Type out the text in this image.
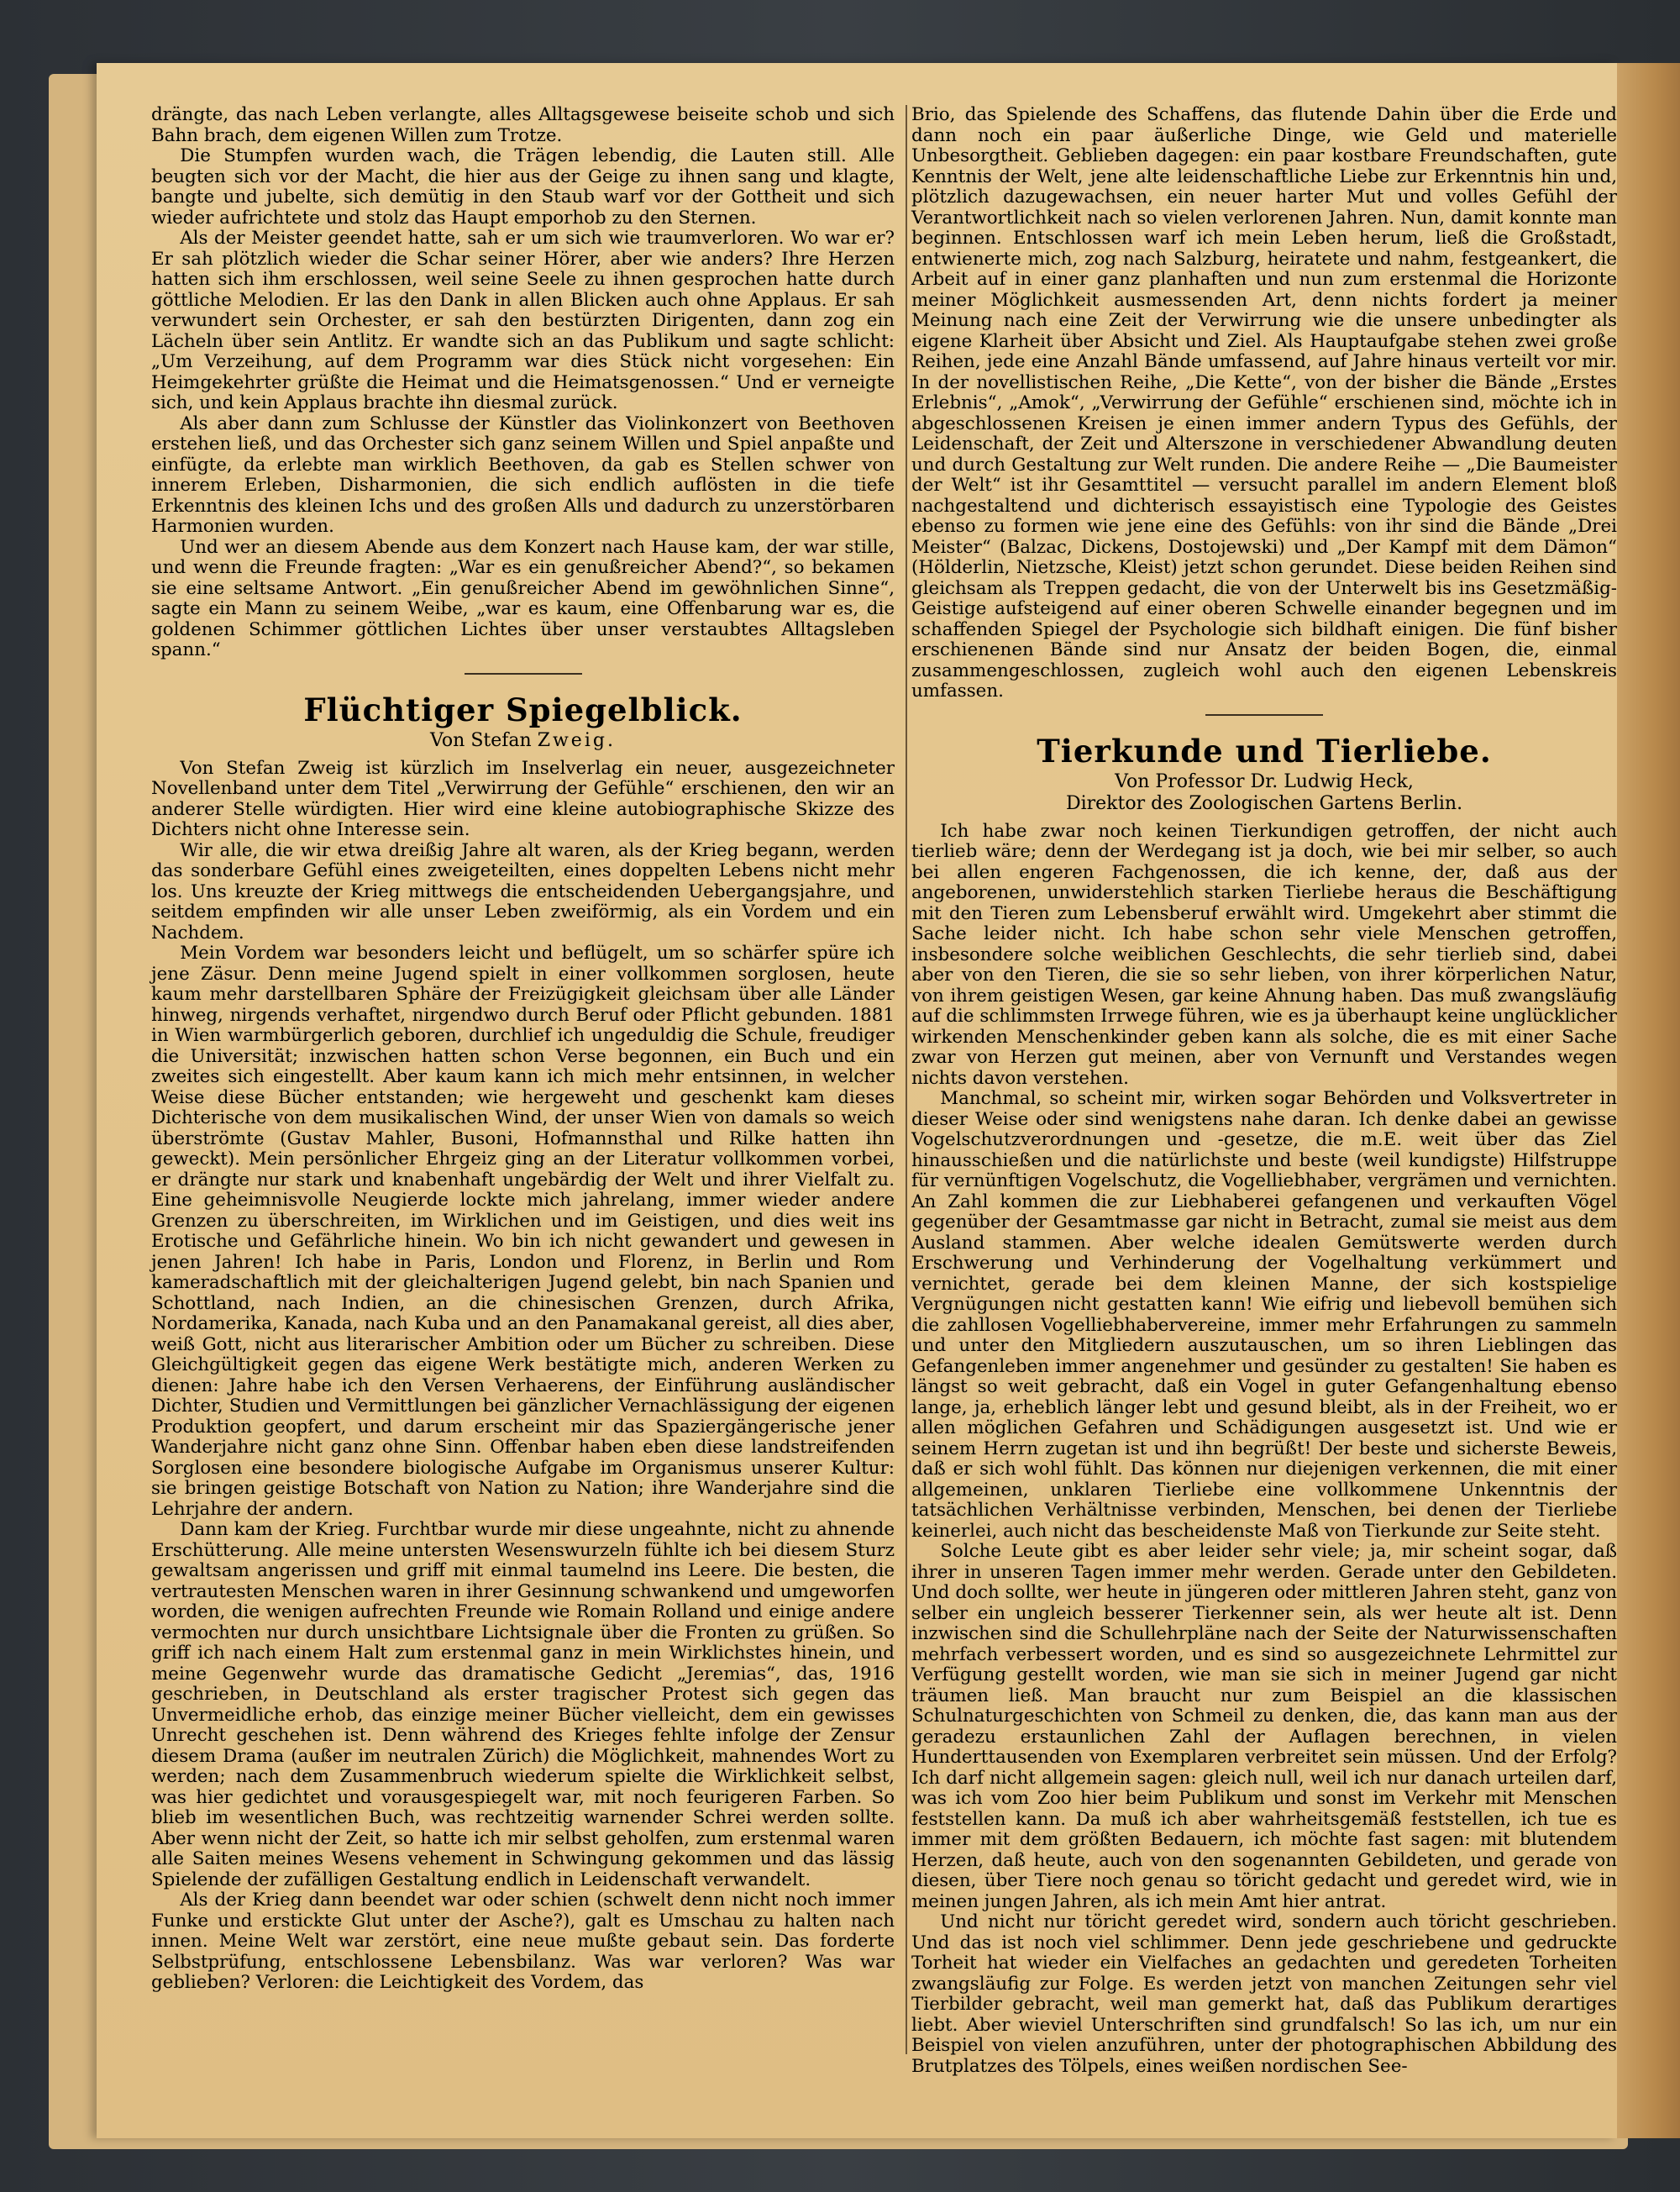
drängte, das nach Leben verlangte, alles Alltagsgewese beiseite schob und sich Bahn brach, dem eigenen Willen zum Trotze.

Die Stumpfen wurden wach, die Trägen lebendig, die Lauten still. Alle beugten sich vor der Macht, die hier aus der Geige zu ihnen sang und klagte, bangte und jubelte, sich demütig in den Staub warf vor der Gottheit und sich wieder aufrichtete und stolz das Haupt emporhob zu den Sternen.

Als der Meister geendet hatte, sah er um sich wie traumverloren. Wo war er? Er sah plötzlich wieder die Schar seiner Hörer, aber wie anders? Ihre Herzen hatten sich ihm erschlossen, weil seine Seele zu ihnen gesprochen hatte durch göttliche Melodien. Er las den Dank in allen Blicken auch ohne Applaus. Er sah verwundert sein Orchester, er sah den bestürzten Dirigenten, dann zog ein Lächeln über sein Antlitz. Er wandte sich an das Publikum und sagte schlicht: „Um Verzeihung, auf dem Programm war dies Stück nicht vorgesehen: Ein Heimgekehrter grüßte die Heimat und die Heimatsgenossen.“ Und er verneigte sich, und kein Applaus brachte ihn diesmal zurück.

Als aber dann zum Schlusse der Künstler das Violinkonzert von Beethoven erstehen ließ, und das Orchester sich ganz seinem Willen und Spiel anpaßte und einfügte, da erlebte man wirklich Beethoven, da gab es Stellen schwer von innerem Erleben, Disharmonien, die sich endlich auflösten in die tiefe Erkenntnis des kleinen Ichs und des großen Alls und dadurch zu unzerstörbaren Harmonien wurden.

Und wer an diesem Abende aus dem Konzert nach Hause kam, der war stille, und wenn die Freunde fragten: „War es ein genußreicher Abend?“, so bekamen sie eine seltsame Antwort. „Ein genußreicher Abend im gewöhnlichen Sinne“, sagte ein Mann zu seinem Weibe, „war es kaum, eine Offenbarung war es, die goldenen Schimmer göttlichen Lichtes über unser verstaubtes Alltagsleben spann.“

Flüchtiger Spiegelblick.

Von Stefan Zweig.

Von Stefan Zweig ist kürzlich im Inselverlag ein neuer, ausgezeichneter Novellenband unter dem Titel „Verwirrung der Gefühle“ erschienen, den wir an anderer Stelle würdigten. Hier wird eine kleine autobiographische Skizze des Dichters nicht ohne Interesse sein.

Wir alle, die wir etwa dreißig Jahre alt waren, als der Krieg begann, werden das sonderbare Gefühl eines zweigeteilten, eines doppelten Lebens nicht mehr los. Uns kreuzte der Krieg mittwegs die entscheidenden Uebergangsjahre, und seitdem empfinden wir alle unser Leben zweiförmig, als ein Vordem und ein Nachdem.

Mein Vordem war besonders leicht und beflügelt, um so schärfer spüre ich jene Zäsur. Denn meine Jugend spielt in einer vollkommen sorglosen, heute kaum mehr darstellbaren Sphäre der Freizügigkeit gleichsam über alle Länder hinweg, nirgends verhaftet, nirgendwo durch Beruf oder Pflicht gebunden. 1881 in Wien warmbürgerlich geboren, durchlief ich ungeduldig die Schule, freudiger die Universität; inzwischen hatten schon Verse begonnen, ein Buch und ein zweites sich eingestellt. Aber kaum kann ich mich mehr entsinnen, in welcher Weise diese Bücher entstanden; wie hergeweht und geschenkt kam dieses Dichterische von dem musikalischen Wind, der unser Wien von damals so weich überströmte (Gustav Mahler, Busoni, Hofmannsthal und Rilke hatten ihn geweckt). Mein persönlicher Ehrgeiz ging an der Literatur vollkommen vorbei, er drängte nur stark und knabenhaft ungebärdig der Welt und ihrer Vielfalt zu. Eine geheimnisvolle Neugierde lockte mich jahrelang, immer wieder andere Grenzen zu überschreiten, im Wirklichen und im Geistigen, und dies weit ins Erotische und Gefährliche hinein. Wo bin ich nicht gewandert und gewesen in jenen Jahren! Ich habe in Paris, London und Florenz, in Berlin und Rom kameradschaftlich mit der gleichalterigen Jugend gelebt, bin nach Spanien und Schottland, nach Indien, an die chinesischen Grenzen, durch Afrika, Nordamerika, Kanada, nach Kuba und an den Panamakanal gereist, all dies aber, weiß Gott, nicht aus literarischer Ambition oder um Bücher zu schreiben. Diese Gleichgültigkeit gegen das eigene Werk bestätigte mich, anderen Werken zu dienen: Jahre habe ich den Versen Verhaerens, der Einführung ausländischer Dichter, Studien und Vermittlungen bei gänzlicher Vernachlässigung der eigenen Produktion geopfert, und darum erscheint mir das Spaziergängerische jener Wanderjahre nicht ganz ohne Sinn. Offenbar haben eben diese landstreifenden Sorglosen eine besondere biologische Aufgabe im Organismus unserer Kultur: sie bringen geistige Botschaft von Nation zu Nation; ihre Wanderjahre sind die Lehrjahre der andern.

Dann kam der Krieg. Furchtbar wurde mir diese ungeahnte, nicht zu ahnende Erschütterung. Alle meine untersten Wesenswurzeln fühlte ich bei diesem Sturz gewaltsam angerissen und griff mit einmal taumelnd ins Leere. Die besten, die vertrautesten Menschen waren in ihrer Gesinnung schwankend und umgeworfen worden, die wenigen aufrechten Freunde wie Romain Rolland und einige andere vermochten nur durch unsichtbare Lichtsignale über die Fronten zu grüßen. So griff ich nach einem Halt zum erstenmal ganz in mein Wirklichstes hinein, und meine Gegenwehr wurde das dramatische Gedicht „Jeremias“, das, 1916 geschrieben, in Deutschland als erster tragischer Protest sich gegen das Unvermeidliche erhob, das einzige meiner Bücher vielleicht, dem ein gewisses Unrecht geschehen ist. Denn während des Krieges fehlte infolge der Zensur diesem Drama (außer im neutralen Zürich) die Möglichkeit, mahnendes Wort zu werden; nach dem Zusammenbruch wiederum spielte die Wirklichkeit selbst, was hier gedichtet und vorausgespiegelt war, mit noch feurigeren Farben. So blieb im wesentlichen Buch, was rechtzeitig warnender Schrei werden sollte. Aber wenn nicht der Zeit, so hatte ich mir selbst geholfen, zum erstenmal waren alle Saiten meines Wesens vehement in Schwingung gekommen und das lässig Spielende der zufälligen Gestaltung endlich in Leidenschaft verwandelt.

Als der Krieg dann beendet war oder schien (schwelt denn nicht noch immer Funke und erstickte Glut unter der Asche?), galt es Umschau zu halten nach innen. Meine Welt war zerstört, eine neue mußte gebaut sein. Das forderte Selbstprüfung, entschlossene Lebensbilanz. Was war verloren? Was war geblieben? Verloren: die Leichtigkeit des Vordem, das

Brio, das Spielende des Schaffens, das flutende Dahin über die Erde und dann noch ein paar äußerliche Dinge, wie Geld und materielle Unbesorgtheit. Geblieben dagegen: ein paar kostbare Freundschaften, gute Kenntnis der Welt, jene alte leidenschaftliche Liebe zur Erkenntnis hin und, plötzlich dazugewachsen, ein neuer harter Mut und volles Gefühl der Verantwortlichkeit nach so vielen verlorenen Jahren. Nun, damit konnte man beginnen. Entschlossen warf ich mein Leben herum, ließ die Großstadt, entwienerte mich, zog nach Salzburg, heiratete und nahm, festgeankert, die Arbeit auf in einer ganz planhaften und nun zum erstenmal die Horizonte meiner Möglichkeit ausmessenden Art, denn nichts fordert ja meiner Meinung nach eine Zeit der Verwirrung wie die unsere unbedingter als eigene Klarheit über Absicht und Ziel. Als Hauptaufgabe stehen zwei große Reihen, jede eine Anzahl Bände umfassend, auf Jahre hinaus verteilt vor mir. In der novellistischen Reihe, „Die Kette“, von der bisher die Bände „Erstes Erlebnis“, „Amok“, „Verwirrung der Gefühle“ erschienen sind, möchte ich in abgeschlossenen Kreisen je einen immer andern Typus des Gefühls, der Leidenschaft, der Zeit und Alterszone in verschiedener Abwandlung deuten und durch Gestaltung zur Welt runden. Die andere Reihe — „Die Baumeister der Welt“ ist ihr Gesamttitel — versucht parallel im andern Element bloß nachgestaltend und dichterisch essayistisch eine Typologie des Geistes ebenso zu formen wie jene eine des Gefühls: von ihr sind die Bände „Drei Meister“ (Balzac, Dickens, Dostojewski) und „Der Kampf mit dem Dämon“ (Hölderlin, Nietzsche, Kleist) jetzt schon gerundet. Diese beiden Reihen sind gleichsam als Treppen gedacht, die von der Unterwelt bis ins Gesetzmäßig-Geistige aufsteigend auf einer oberen Schwelle einander begegnen und im schaffenden Spiegel der Psychologie sich bildhaft einigen. Die fünf bisher erschienenen Bände sind nur Ansatz der beiden Bogen, die, einmal zusammengeschlossen, zugleich wohl auch den eigenen Lebenskreis umfassen.

Tierkunde und Tierliebe.

Von Professor Dr. Ludwig Heck,

Direktor des Zoologischen Gartens Berlin.

Ich habe zwar noch keinen Tierkundigen getroffen, der nicht auch tierlieb wäre; denn der Werdegang ist ja doch, wie bei mir selber, so auch bei allen engeren Fachgenossen, die ich kenne, der, daß aus der angeborenen, unwiderstehlich starken Tierliebe heraus die Beschäftigung mit den Tieren zum Lebensberuf erwählt wird. Umgekehrt aber stimmt die Sache leider nicht. Ich habe schon sehr viele Menschen getroffen, insbesondere solche weiblichen Geschlechts, die sehr tierlieb sind, dabei aber von den Tieren, die sie so sehr lieben, von ihrer körperlichen Natur, von ihrem geistigen Wesen, gar keine Ahnung haben. Das muß zwangsläufig auf die schlimmsten Irrwege führen, wie es ja überhaupt keine unglücklicher wirkenden Menschenkinder geben kann als solche, die es mit einer Sache zwar von Herzen gut meinen, aber von Vernunft und Verstandes wegen nichts davon verstehen.

Manchmal, so scheint mir, wirken sogar Behörden und Volksvertreter in dieser Weise oder sind wenigstens nahe daran. Ich denke dabei an gewisse Vogelschutzverordnungen und -gesetze, die m.E. weit über das Ziel hinausschießen und die natürlichste und beste (weil kundigste) Hilfstruppe für vernünftigen Vogelschutz, die Vogelliebhaber, vergrämen und vernichten. An Zahl kommen die zur Liebhaberei gefangenen und verkauften Vögel gegenüber der Gesamtmasse gar nicht in Betracht, zumal sie meist aus dem Ausland stammen. Aber welche idealen Gemütswerte werden durch Erschwerung und Verhinderung der Vogelhaltung verkümmert und vernichtet, gerade bei dem kleinen Manne, der sich kostspielige Vergnügungen nicht gestatten kann! Wie eifrig und liebevoll bemühen sich die zahllosen Vogelliebhabervereine, immer mehr Erfahrungen zu sammeln und unter den Mitgliedern auszutauschen, um so ihren Lieblingen das Gefangenleben immer angenehmer und gesünder zu gestalten! Sie haben es längst so weit gebracht, daß ein Vogel in guter Gefangenhaltung ebenso lange, ja, erheblich länger lebt und gesund bleibt, als in der Freiheit, wo er allen möglichen Gefahren und Schädigungen ausgesetzt ist. Und wie er seinem Herrn zugetan ist und ihn begrüßt! Der beste und sicherste Beweis, daß er sich wohl fühlt. Das können nur diejenigen verkennen, die mit einer allgemeinen, unklaren Tierliebe eine vollkommene Unkenntnis der tatsächlichen Verhältnisse verbinden, Menschen, bei denen der Tierliebe keinerlei, auch nicht das bescheidenste Maß von Tierkunde zur Seite steht.

Solche Leute gibt es aber leider sehr viele; ja, mir scheint sogar, daß ihrer in unseren Tagen immer mehr werden. Gerade unter den Gebildeten. Und doch sollte, wer heute in jüngeren oder mittleren Jahren steht, ganz von selber ein ungleich besserer Tierkenner sein, als wer heute alt ist. Denn inzwischen sind die Schullehrpläne nach der Seite der Naturwissenschaften mehrfach verbessert worden, und es sind so ausgezeichnete Lehrmittel zur Verfügung gestellt worden, wie man sie sich in meiner Jugend gar nicht träumen ließ. Man braucht nur zum Beispiel an die klassischen Schulnaturgeschichten von Schmeil zu denken, die, das kann man aus der geradezu erstaunlichen Zahl der Auflagen berechnen, in vielen Hunderttausenden von Exemplaren verbreitet sein müssen. Und der Erfolg? Ich darf nicht allgemein sagen: gleich null, weil ich nur danach urteilen darf, was ich vom Zoo hier beim Publikum und sonst im Verkehr mit Menschen feststellen kann. Da muß ich aber wahrheitsgemäß feststellen, ich tue es immer mit dem größten Bedauern, ich möchte fast sagen: mit blutendem Herzen, daß heute, auch von den sogenannten Gebildeten, und gerade von diesen, über Tiere noch genau so töricht gedacht und geredet wird, wie in meinen jungen Jahren, als ich mein Amt hier antrat.

Und nicht nur töricht geredet wird, sondern auch töricht geschrieben. Und das ist noch viel schlimmer. Denn jede geschriebene und gedruckte Torheit hat wieder ein Vielfaches an gedachten und geredeten Torheiten zwangsläufig zur Folge. Es werden jetzt von manchen Zeitungen sehr viel Tierbilder gebracht, weil man gemerkt hat, daß das Publikum derartiges liebt. Aber wieviel Unterschriften sind grundfalsch! So las ich, um nur ein Beispiel von vielen anzuführen, unter der photographischen Abbildung des Brutplatzes des Tölpels, eines weißen nordischen See-
